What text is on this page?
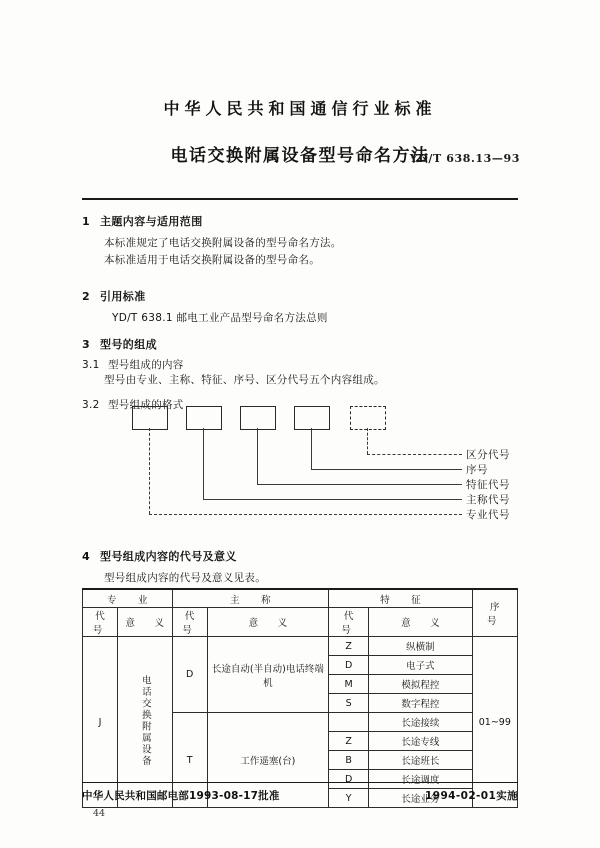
中华人民共和国通信行业标准
电话交换附属设备型号命名方法
YD/T 638.13—93
1 主题内容与适用范围
本标准规定了电话交换附属设备的型号命名方法。
本标准适用于电话交换附属设备的型号命名。
2 引用标准
YD/T 638.1 邮电工业产品型号命名方法总则
3 型号的组成
3.1 型号组成的内容
型号由专业、主称、特征、序号、区分代号五个内容组成。
3.2 型号组成的格式
区分代号
序号
特征代号
主称代号
专业代号
4 型号组成内容的代号及意义
型号组成内容的代号及意义见表。
专　业		主　称		特　征		序　号
代　号	意　义	代　号	意　义	代　号	意　义	
J	电话交换附属设备	D	长途自动(半自动)电话终端机	Z	纵横制	01~99
				D	电子式	
				M	模拟程控	
				S	数字程控	
		T	工作遥塞(台)		长途接续	
				Z	长途专线	
				B	长途班长	
				D	长途调度	
				Y	长途业务	
中华人民共和国邮电部1993-08-17批准	1994-02-01实施
44
